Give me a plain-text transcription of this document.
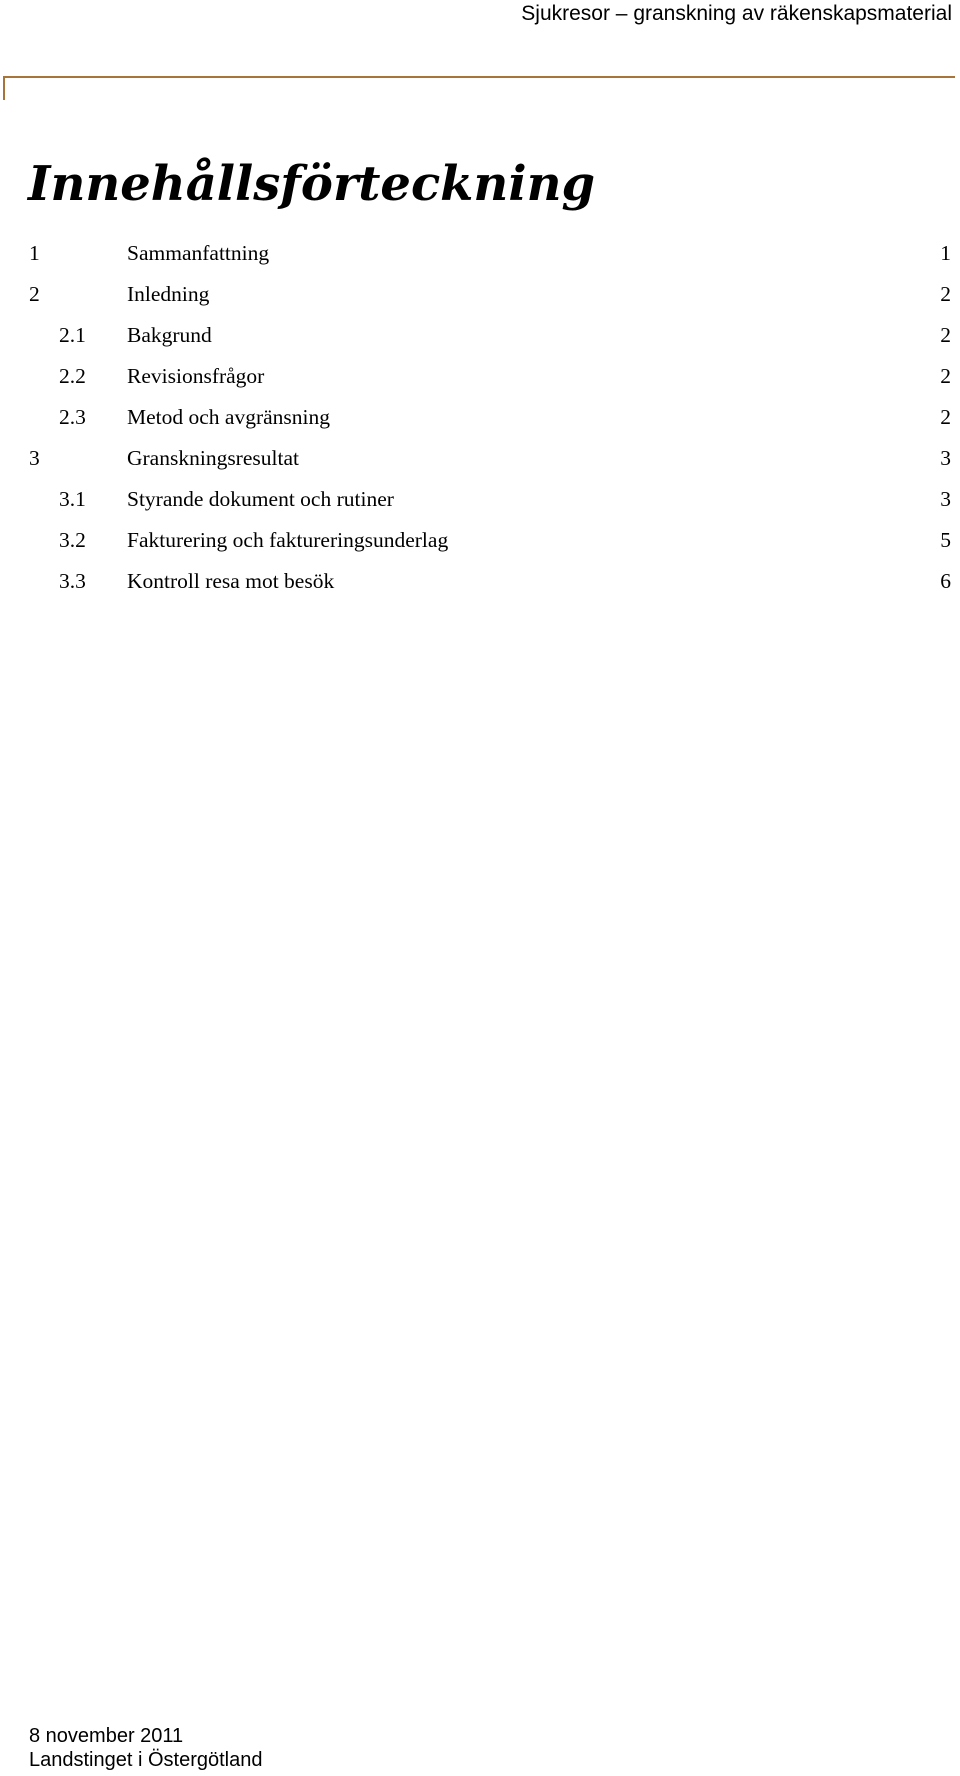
Sjukresor – granskning av räkenskapsmaterial
Innehållsförteckning
1	Sammanfattning	1
2	Inledning	2
2.1 Bakgrund	2
2.2 Revisionsfrågor	2
2.3 Metod och avgränsning	2
3	Granskningsresultat	3
3.1 Styrande dokument och rutiner	3
3.2 Fakturering och faktureringsunderlag	5
3.3 Kontroll resa mot besök	6
8 november 2011
Landstinget i Östergötland
